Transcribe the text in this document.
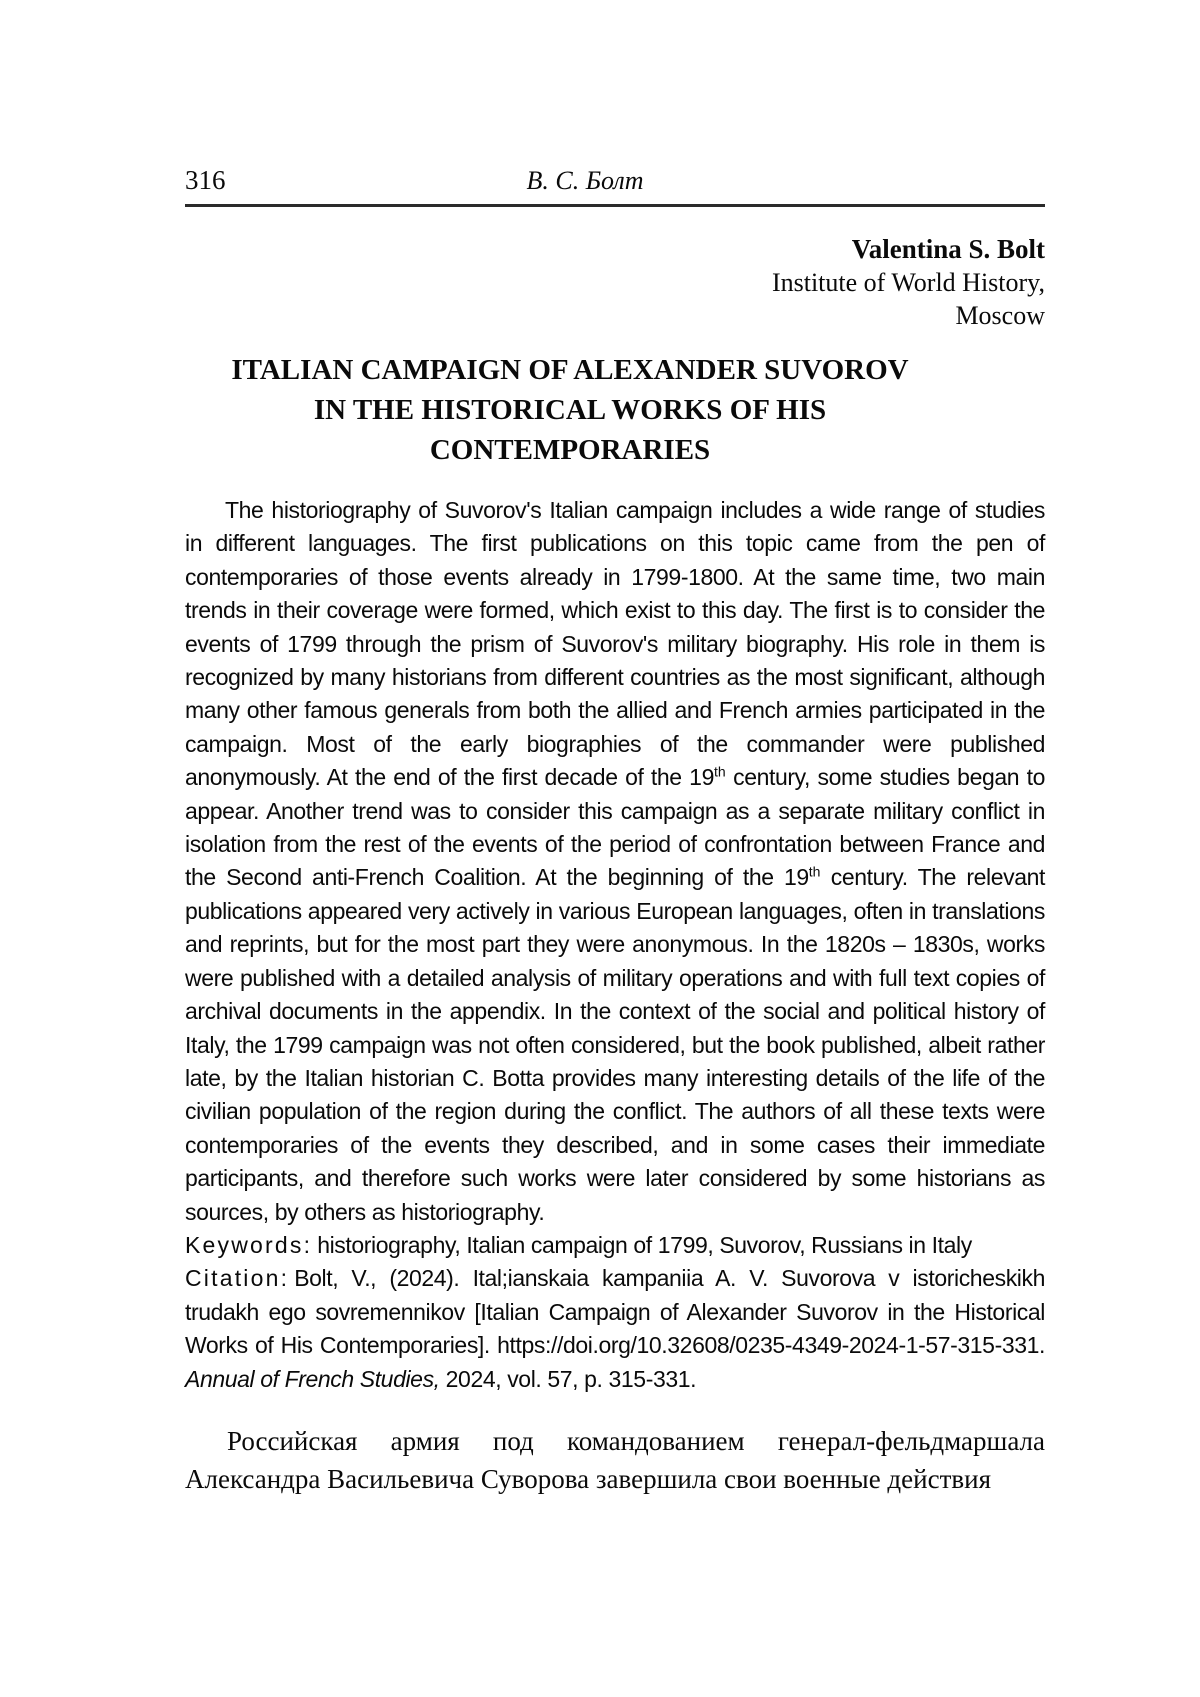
316	В. С. Болт
Valentina S. Bolt
Institute of World History,
Moscow
ITALIAN CAMPAIGN OF ALEXANDER SUVOROV
IN THE HISTORICAL WORKS OF HIS CONTEMPORARIES

The historiography of Suvorov's Italian campaign includes a wide range of studies in different languages. The first publications on this topic came from the pen of contemporaries of those events already in 1799-1800. At the same time, two main trends in their coverage were formed, which exist to this day. The first is to consider the events of 1799 through the prism of Suvorov's military biography. His role in them is recognized by many historians from different countries as the most significant, although many other famous generals from both the allied and French armies participated in the campaign. Most of the early biographies of the commander were published anonymously. At the end of the first decade of the 19th century, some studies began to appear. Another trend was to consider this campaign as a separate military conflict in isolation from the rest of the events of the period of confrontation between France and the Second anti-French Coalition. At the beginning of the 19th century. The relevant publications appeared very actively in various European languages, often in translations and reprints, but for the most part they were anonymous. In the 1820s – 1830s, works were published with a detailed analysis of military operations and with full text copies of archival documents in the appendix. In the context of the social and political history of Italy, the 1799 campaign was not often considered, but the book published, albeit rather late, by the Italian historian C. Botta provides many interesting details of the life of the civilian population of the region during the conflict. The authors of all these texts were contemporaries of the events they described, and in some cases their immediate participants, and therefore such works were later considered by some historians as sources, by others as historiography.

Keywords: historiography, Italian campaign of 1799, Suvorov, Russians in Italy

Citation: Bolt, V., (2024). Ital;ianskaia kampaniia A. V. Suvorova v istoricheskikh trudakh ego sovremennikov [Italian Campaign of Alexander Suvorov in the Historical Works of His Contemporaries]. https://doi.org/10.32608/0235-4349-2024-1-57-315-331. Annual of French Studies, 2024, vol. 57, p. 315-331.

Российская армия под командованием генерал-фельдмаршала Александра Васильевича Суворова завершила свои военные действия
